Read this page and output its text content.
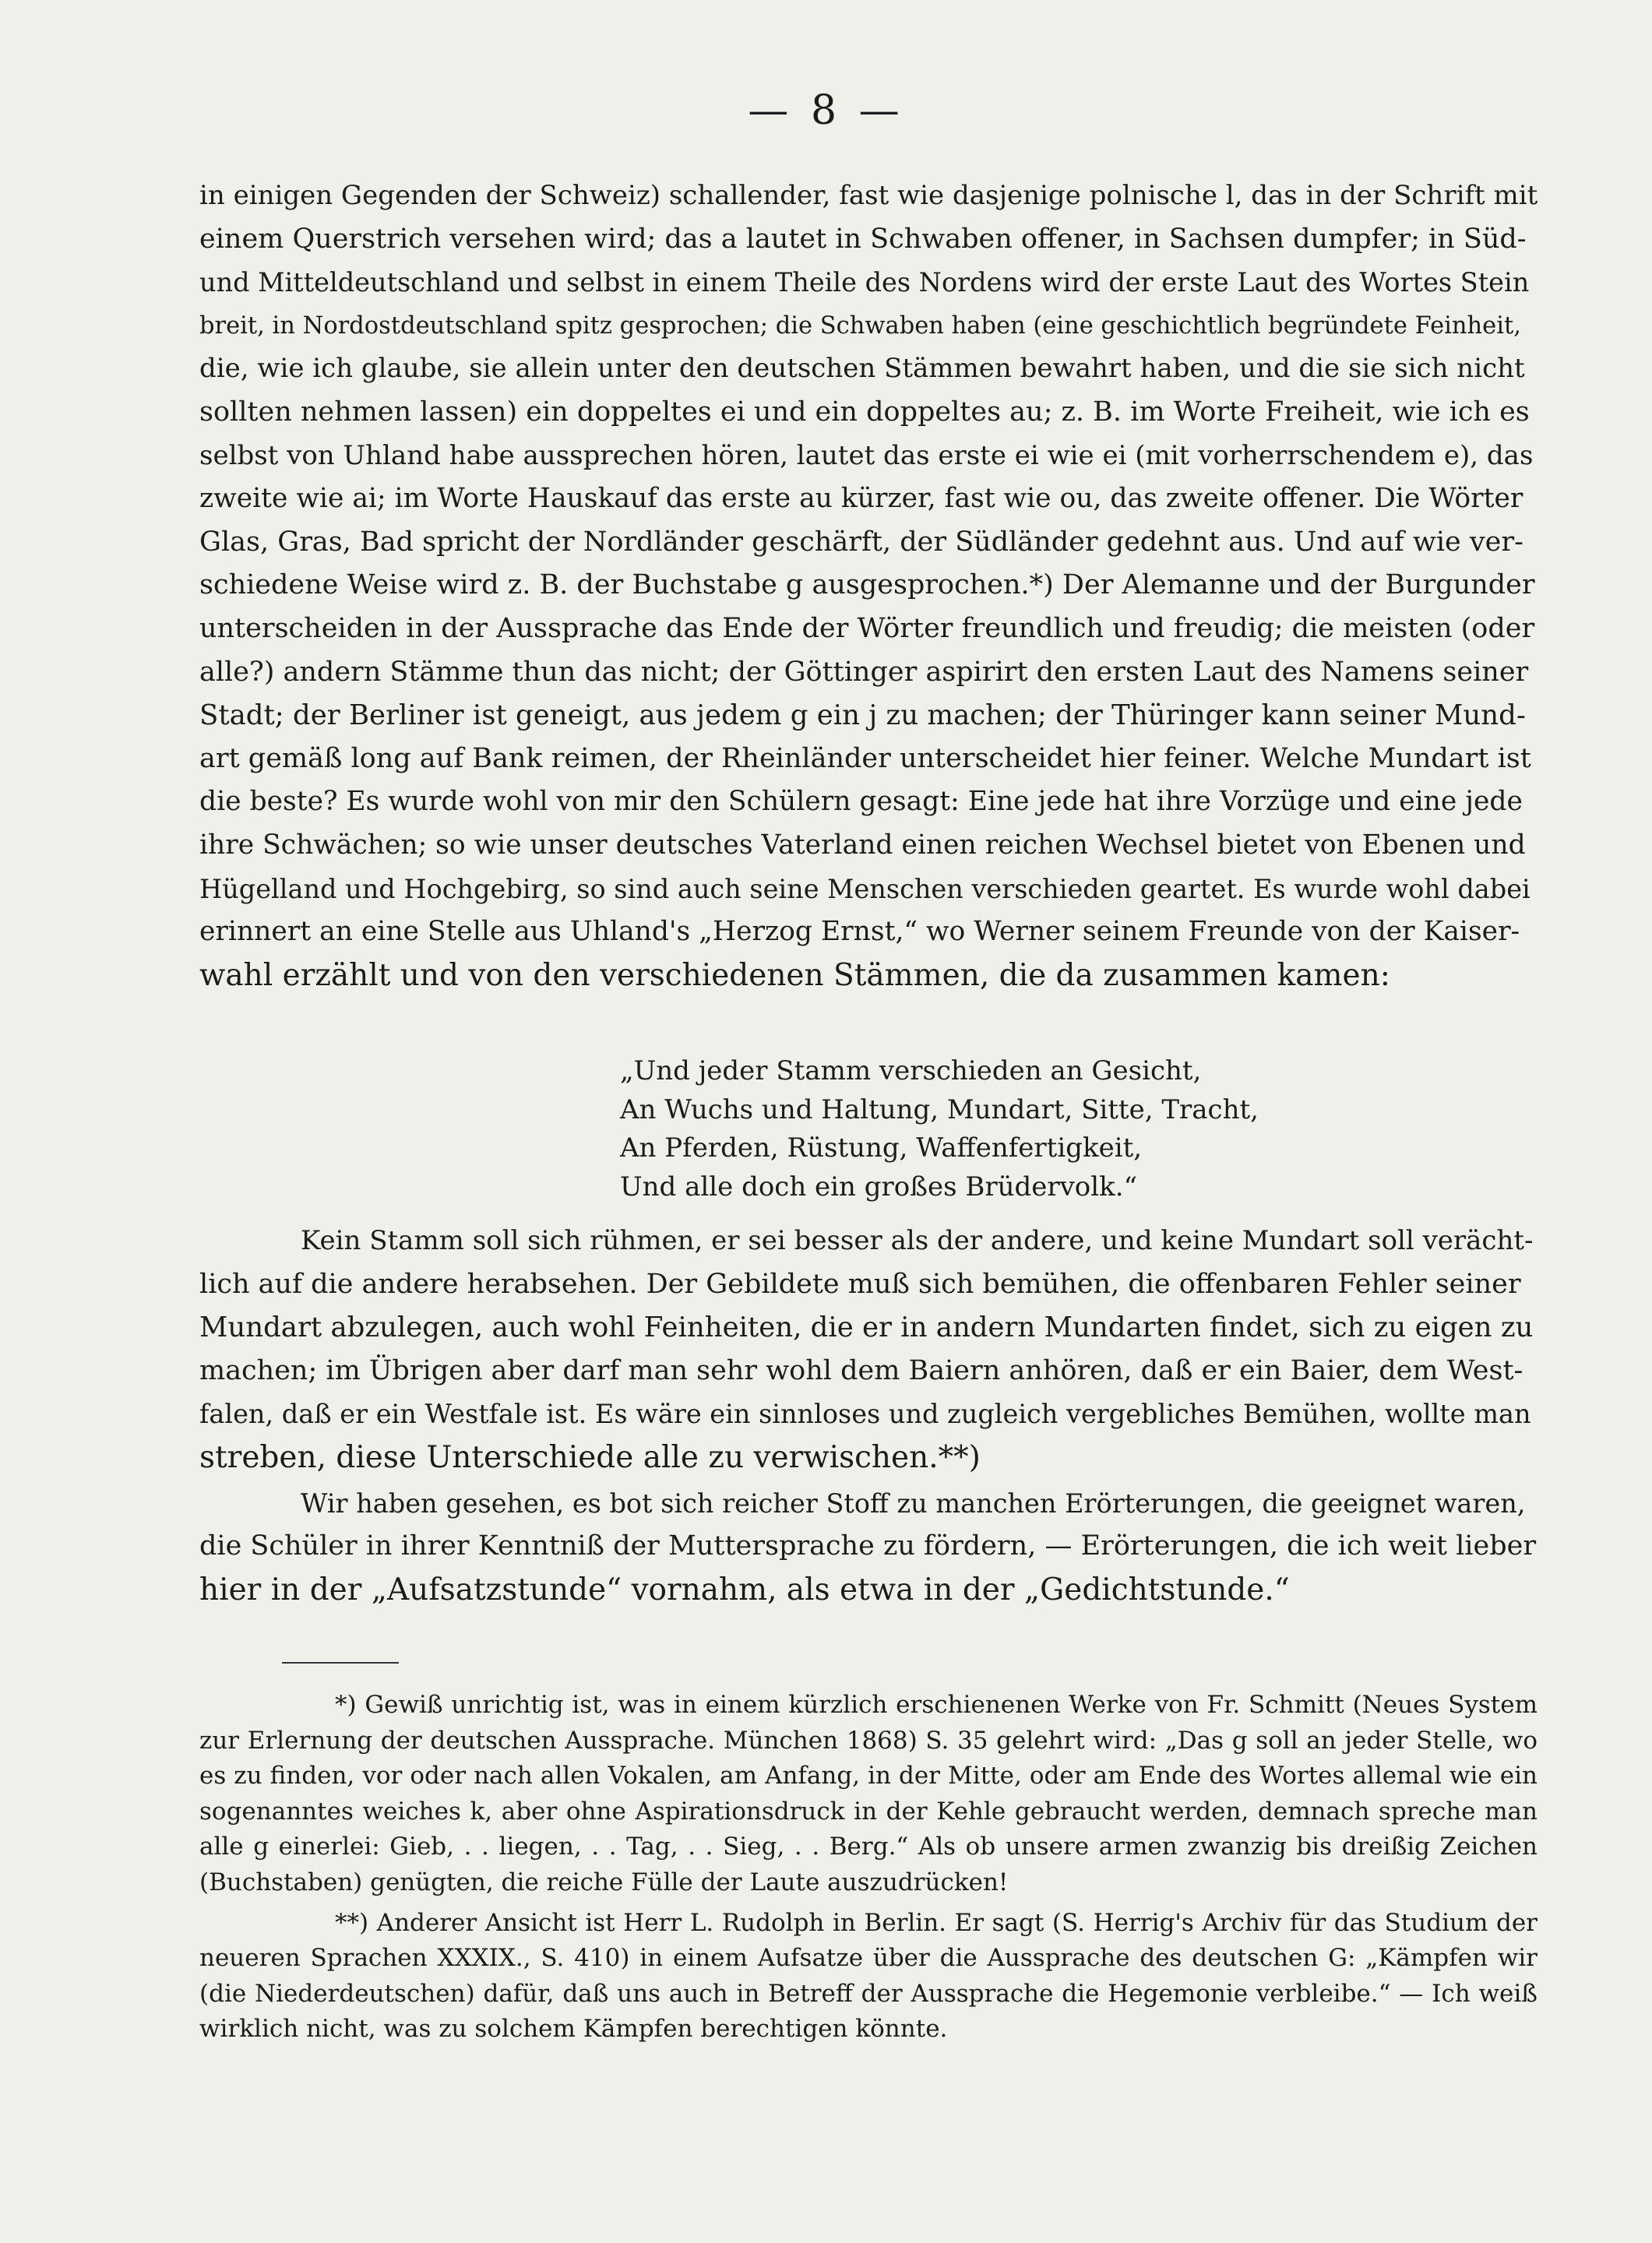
— 8 —

in einigen Gegenden der Schweiz) schallender, fast wie dasjenige polnische l, das in der Schrift mit
einem Querstrich versehen wird; das a lautet in Schwaben offener, in Sachsen dumpfer; in Süd-
und Mitteldeutschland und selbst in einem Theile des Nordens wird der erste Laut des Wortes Stein
breit, in Nordostdeutschland spitz gesprochen; die Schwaben haben (eine geschichtlich begründete Feinheit,
die, wie ich glaube, sie allein unter den deutschen Stämmen bewahrt haben, und die sie sich nicht
sollten nehmen lassen) ein doppeltes ei und ein doppeltes au; z. B. im Worte Freiheit, wie ich es
selbst von Uhland habe aussprechen hören, lautet das erste ei wie ei (mit vorherrschendem e), das
zweite wie ai; im Worte Hauskauf das erste au kürzer, fast wie ou, das zweite offener. Die Wörter
Glas, Gras, Bad spricht der Nordländer geschärft, der Südländer gedehnt aus. Und auf wie ver-
schiedene Weise wird z. B. der Buchstabe g ausgesprochen.*) Der Alemanne und der Burgunder
unterscheiden in der Aussprache das Ende der Wörter freundlich und freudig; die meisten (oder
alle?) andern Stämme thun das nicht; der Göttinger aspirirt den ersten Laut des Namens seiner
Stadt; der Berliner ist geneigt, aus jedem g ein j zu machen; der Thüringer kann seiner Mund-
art gemäß long auf Bank reimen, der Rheinländer unterscheidet hier feiner. Welche Mundart ist
die beste? Es wurde wohl von mir den Schülern gesagt: Eine jede hat ihre Vorzüge und eine jede
ihre Schwächen; so wie unser deutsches Vaterland einen reichen Wechsel bietet von Ebenen und
Hügelland und Hochgebirg, so sind auch seine Menschen verschieden geartet. Es wurde wohl dabei
erinnert an eine Stelle aus Uhland's „Herzog Ernst,“ wo Werner seinem Freunde von der Kaiser-
wahl erzählt und von den verschiedenen Stämmen, die da zusammen kamen:

„Und jeder Stamm verschieden an Gesicht,
An Wuchs und Haltung, Mundart, Sitte, Tracht,
An Pferden, Rüstung, Waffenfertigkeit,
Und alle doch ein großes Brüdervolk.“

Kein Stamm soll sich rühmen, er sei besser als der andere, und keine Mundart soll verächt-
lich auf die andere herabsehen. Der Gebildete muß sich bemühen, die offenbaren Fehler seiner
Mundart abzulegen, auch wohl Feinheiten, die er in andern Mundarten findet, sich zu eigen zu
machen; im Übrigen aber darf man sehr wohl dem Baiern anhören, daß er ein Baier, dem West-
falen, daß er ein Westfale ist. Es wäre ein sinnloses und zugleich vergebliches Bemühen, wollte man
streben, diese Unterschiede alle zu verwischen.**)

Wir haben gesehen, es bot sich reicher Stoff zu manchen Erörterungen, die geeignet waren,
die Schüler in ihrer Kenntniß der Muttersprache zu fördern, — Erörterungen, die ich weit lieber
hier in der „Aufsatzstunde“ vornahm, als etwa in der „Gedichtstunde.“

*) Gewiß unrichtig ist, was in einem kürzlich erschienenen Werke von Fr. Schmitt (Neues System zur Erlernung der deutschen Aussprache. München 1868) S. 35 gelehrt wird: „Das g soll an jeder Stelle, wo es zu finden, vor oder nach allen Vokalen, am Anfang, in der Mitte, oder am Ende des Wortes allemal wie ein sogenanntes weiches k, aber ohne Aspirationsdruck in der Kehle gebraucht werden, demnach spreche man alle g einerlei: Gieb, . . liegen, . . Tag, . . Sieg, . . Berg.“ Als ob unsere armen zwanzig bis dreißig Zeichen (Buchstaben) genügten, die reiche Fülle der Laute auszudrücken!

**) Anderer Ansicht ist Herr L. Rudolph in Berlin. Er sagt (S. Herrig's Archiv für das Studium der neueren Sprachen XXXIX., S. 410) in einem Aufsatze über die Aussprache des deutschen G: „Kämpfen wir (die Niederdeutschen) dafür, daß uns auch in Betreff der Aussprache die Hegemonie verbleibe.“ — Ich weiß wirklich nicht, was zu solchem Kämpfen berechtigen könnte.
